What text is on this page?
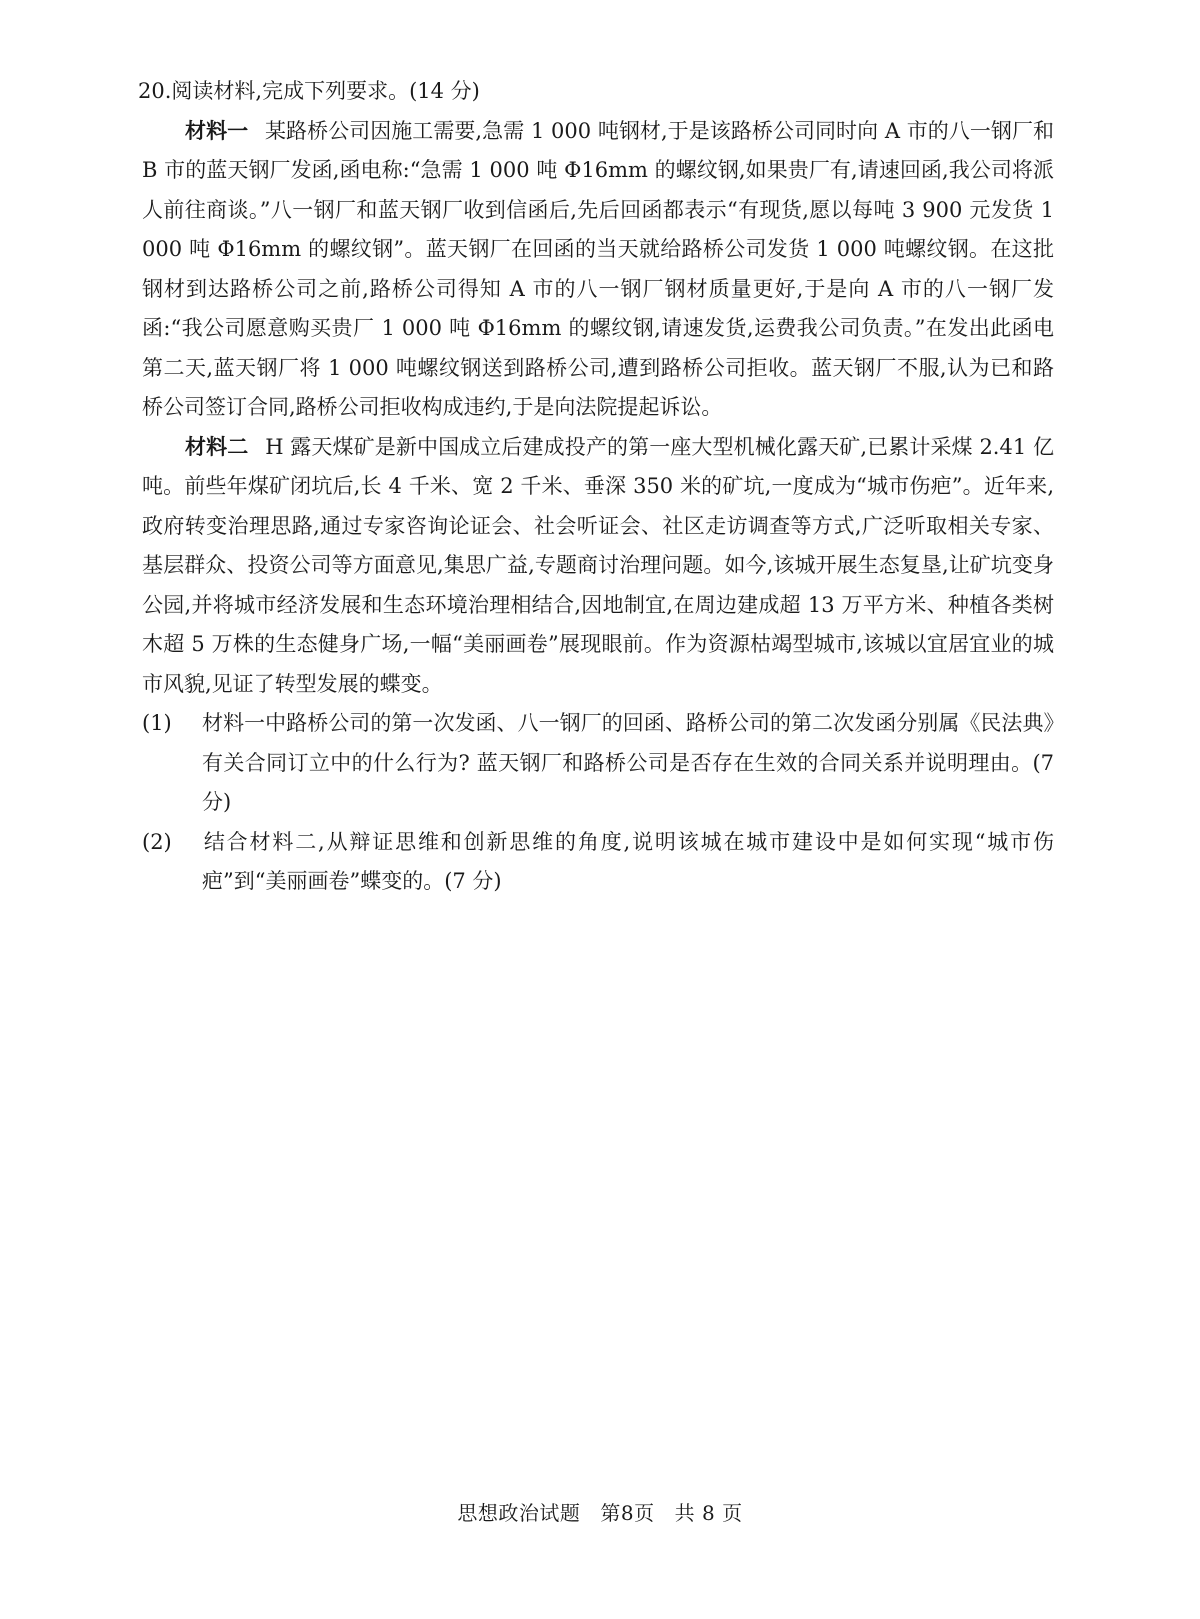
20.阅读材料,完成下列要求。(14 分)

材料一 某路桥公司因施工需要,急需 1 000 吨钢材,于是该路桥公司同时向 A 市的八一钢厂和 B 市的蓝天钢厂发函,函电称:“急需 1 000 吨 Φ16mm 的螺纹钢,如果贵厂有,请速回函,我公司将派人前往商谈。”八一钢厂和蓝天钢厂收到信函后,先后回函都表示“有现货,愿以每吨 3 900 元发货 1 000 吨 Φ16mm 的螺纹钢”。蓝天钢厂在回函的当天就给路桥公司发货 1 000 吨螺纹钢。在这批钢材到达路桥公司之前,路桥公司得知 A 市的八一钢厂钢材质量更好,于是向 A 市的八一钢厂发函:“我公司愿意购买贵厂 1 000 吨 Φ16mm 的螺纹钢,请速发货,运费我公司负责。”在发出此函电第二天,蓝天钢厂将 1 000 吨螺纹钢送到路桥公司,遭到路桥公司拒收。蓝天钢厂不服,认为已和路桥公司签订合同,路桥公司拒收构成违约,于是向法院提起诉讼。

材料二 H 露天煤矿是新中国成立后建成投产的第一座大型机械化露天矿,已累计采煤 2.41 亿吨。前些年煤矿闭坑后,长 4 千米、宽 2 千米、垂深 350 米的矿坑,一度成为“城市伤疤”。近年来,政府转变治理思路,通过专家咨询论证会、社会听证会、社区走访调查等方式,广泛听取相关专家、基层群众、投资公司等方面意见,集思广益,专题商讨治理问题。如今,该城开展生态复垦,让矿坑变身公园,并将城市经济发展和生态环境治理相结合,因地制宜,在周边建成超 13 万平方米、种植各类树木超 5 万株的生态健身广场,一幅“美丽画卷”展现眼前。作为资源枯竭型城市,该城以宜居宜业的城市风貌,见证了转型发展的蝶变。

(1) 材料一中路桥公司的第一次发函、八一钢厂的回函、路桥公司的第二次发函分别属《民法典》有关合同订立中的什么行为? 蓝天钢厂和路桥公司是否存在生效的合同关系并说明理由。(7 分)

(2) 结合材料二,从辩证思维和创新思维的角度,说明该城在城市建设中是如何实现“城市伤疤”到“美丽画卷”蝶变的。(7 分)

思想政治试题 第8页 共 8 页
